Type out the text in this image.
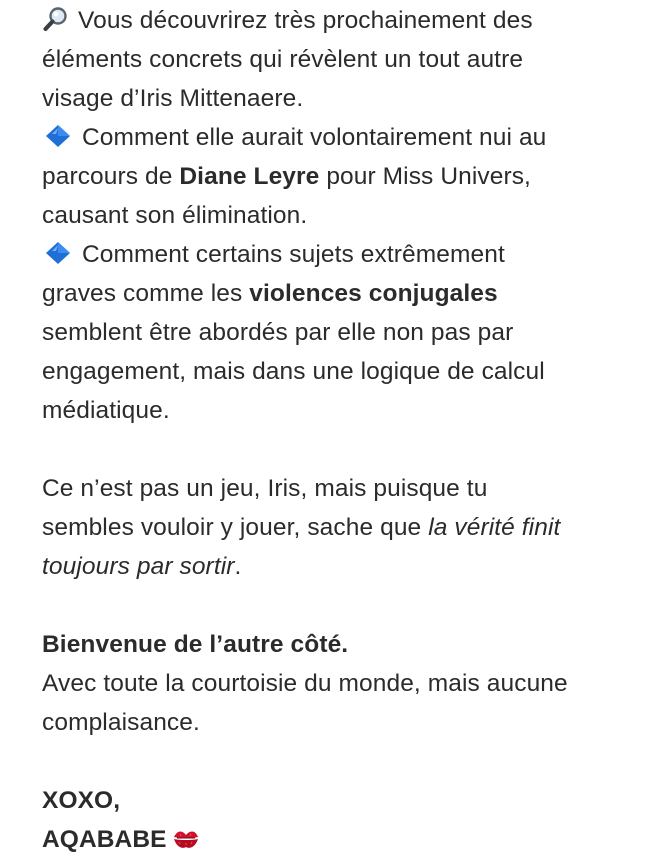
Vous découvrirez très prochainement des
éléments concrets qui révèlent un tout autre
visage d’Iris Mittenaere.
Comment elle aurait volontairement nui au
parcours de Diane Leyre pour Miss Univers,
causant son élimination.
Comment certains sujets extrêmement
graves comme les violences conjugales
semblent être abordés par elle non pas par
engagement, mais dans une logique de calcul
médiatique.
Ce n’est pas un jeu, Iris, mais puisque tu
sembles vouloir y jouer, sache que la vérité finit
toujours par sortir.
Bienvenue de l’autre côté.
Avec toute la courtoisie du monde, mais aucune
complaisance.
XOXO,
AQABABE
